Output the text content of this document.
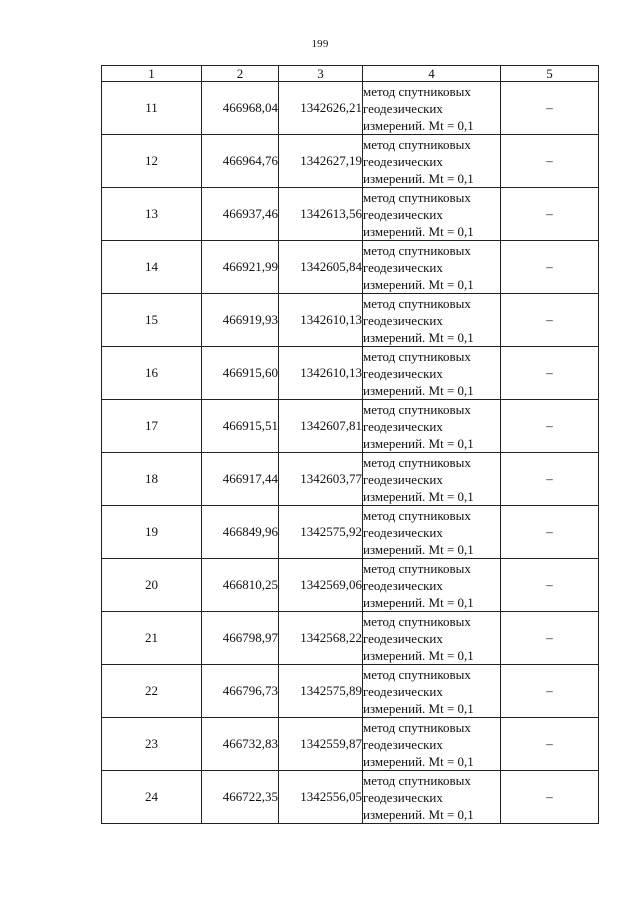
199
1	2	3	4	5
11	466968,04	1342626,21	метод спутниковых
геодезических
измерений. Mt = 0,1	–
12	466964,76	1342627,19	метод спутниковых
геодезических
измерений. Mt = 0,1	–
13	466937,46	1342613,56	метод спутниковых
геодезических
измерений. Mt = 0,1	–
14	466921,99	1342605,84	метод спутниковых
геодезических
измерений. Mt = 0,1	–
15	466919,93	1342610,13	метод спутниковых
геодезических
измерений. Mt = 0,1	–
16	466915,60	1342610,13	метод спутниковых
геодезических
измерений. Mt = 0,1	–
17	466915,51	1342607,81	метод спутниковых
геодезических
измерений. Mt = 0,1	–
18	466917,44	1342603,77	метод спутниковых
геодезических
измерений. Mt = 0,1	–
19	466849,96	1342575,92	метод спутниковых
геодезических
измерений. Mt = 0,1	–
20	466810,25	1342569,06	метод спутниковых
геодезических
измерений. Mt = 0,1	–
21	466798,97	1342568,22	метод спутниковых
геодезических
измерений. Mt = 0,1	–
22	466796,73	1342575,89	метод спутниковых
геодезических
измерений. Mt = 0,1	–
23	466732,83	1342559,87	метод спутниковых
геодезических
измерений. Mt = 0,1	–
24	466722,35	1342556,05	метод спутниковых
геодезических
измерений. Mt = 0,1	–
